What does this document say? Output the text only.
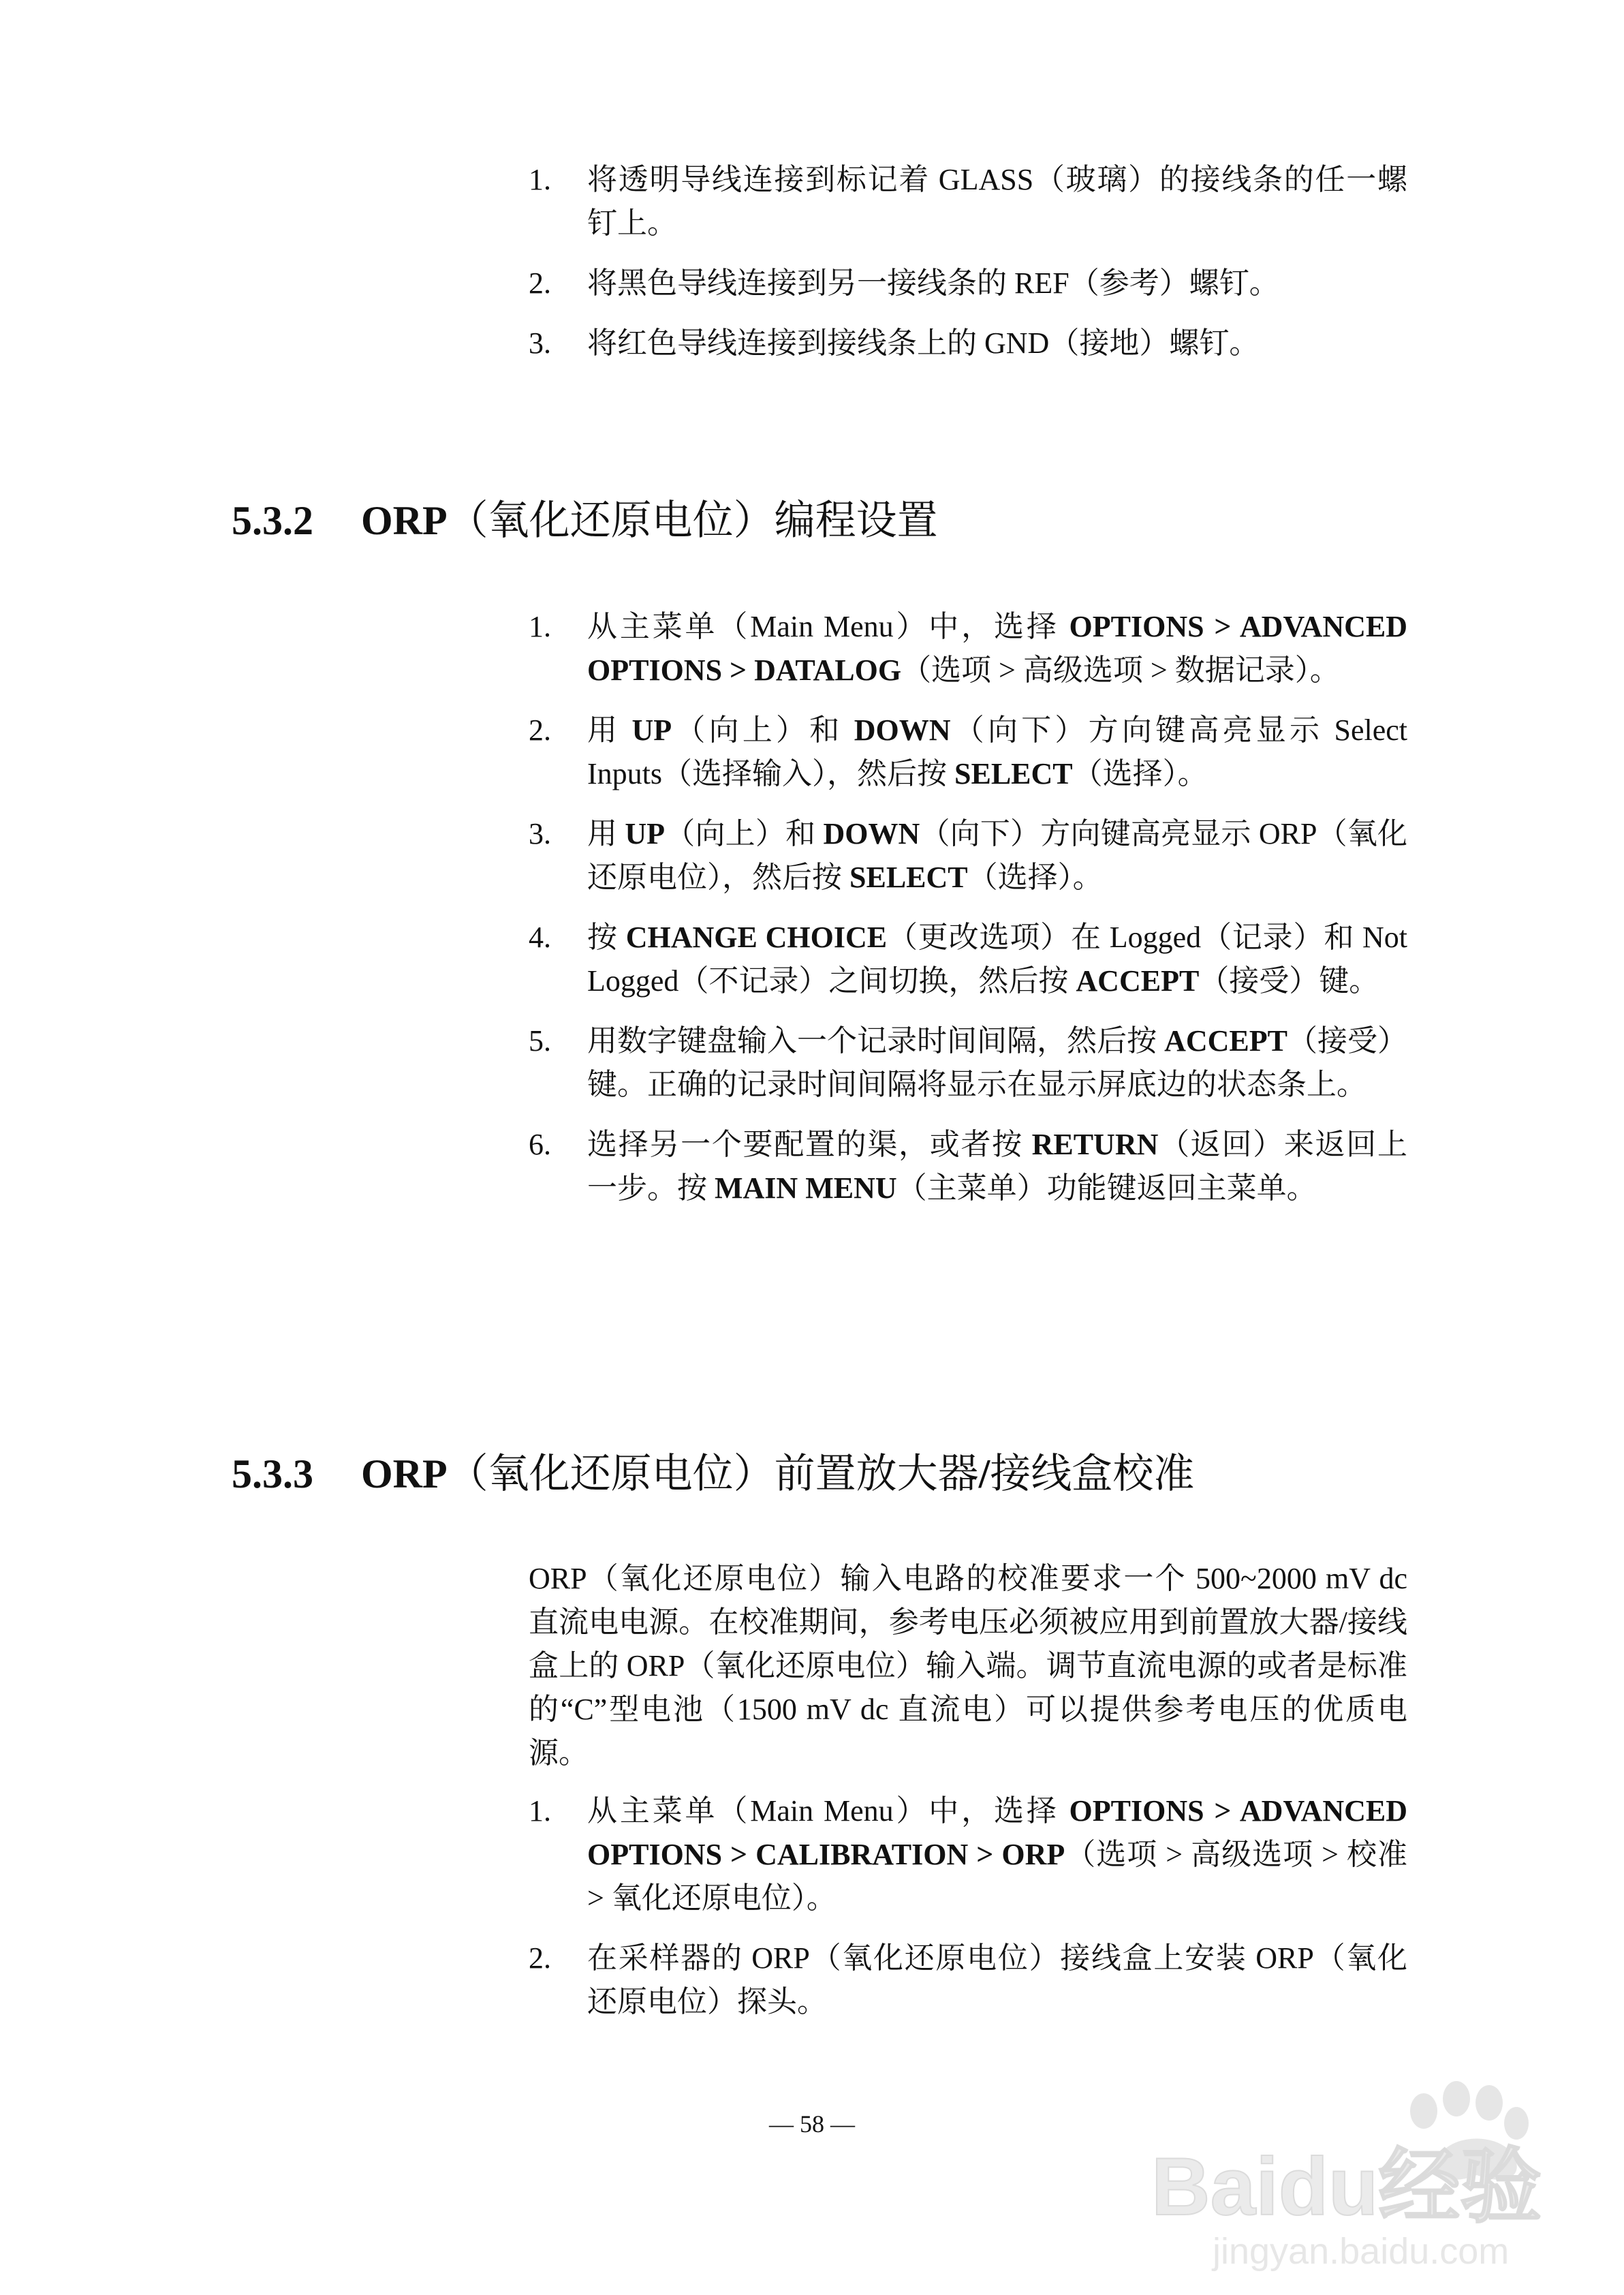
1. 将透明导线连接到标记着 GLASS（玻璃）的接线条的任一螺钉上。
2. 将黑色导线连接到另一接线条的 REF（参考）螺钉。
3. 将红色导线连接到接线条上的 GND（接地）螺钉。
5.3.2 ORP（氧化还原电位）编程设置
1. 从主菜单（Main Menu）中，选择 OPTIONS > ADVANCED OPTIONS > DATALOG（选项 > 高级选项 > 数据记录）。
2. 用 UP（向上）和 DOWN（向下）方向键高亮显示 Select Inputs（选择输入），然后按 SELECT（选择）。
3. 用 UP（向上）和 DOWN（向下）方向键高亮显示 ORP（氧化还原电位），然后按 SELECT（选择）。
4. 按 CHANGE CHOICE（更改选项）在 Logged（记录）和 Not Logged（不记录）之间切换，然后按 ACCEPT（接受）键。
5. 用数字键盘输入一个记录时间间隔，然后按 ACCEPT（接受）键。正确的记录时间间隔将显示在显示屏底边的状态条上。
6. 选择另一个要配置的渠，或者按 RETURN（返回）来返回上一步。按 MAIN MENU（主菜单）功能键返回主菜单。
5.3.3 ORP（氧化还原电位）前置放大器/接线盒校准

ORP（氧化还原电位）输入电路的校准要求一个 500~2000 mV dc 直流电电源。在校准期间，参考电压必须被应用到前置放大器/接线盒上的 ORP（氧化还原电位）输入端。调节直流电源的或者是标准的“C”型电池（1500 mV dc 直流电）可以提供参考电压的优质电源。

1. 从主菜单（Main Menu）中，选择 OPTIONS > ADVANCED OPTIONS > CALIBRATION > ORP（选项 > 高级选项 > 校准 > 氧化还原电位）。
2. 在采样器的 ORP（氧化还原电位）接线盒上安装 ORP（氧化还原电位）探头。
— 58 —
Baidu经验
jingyan.baidu.com
